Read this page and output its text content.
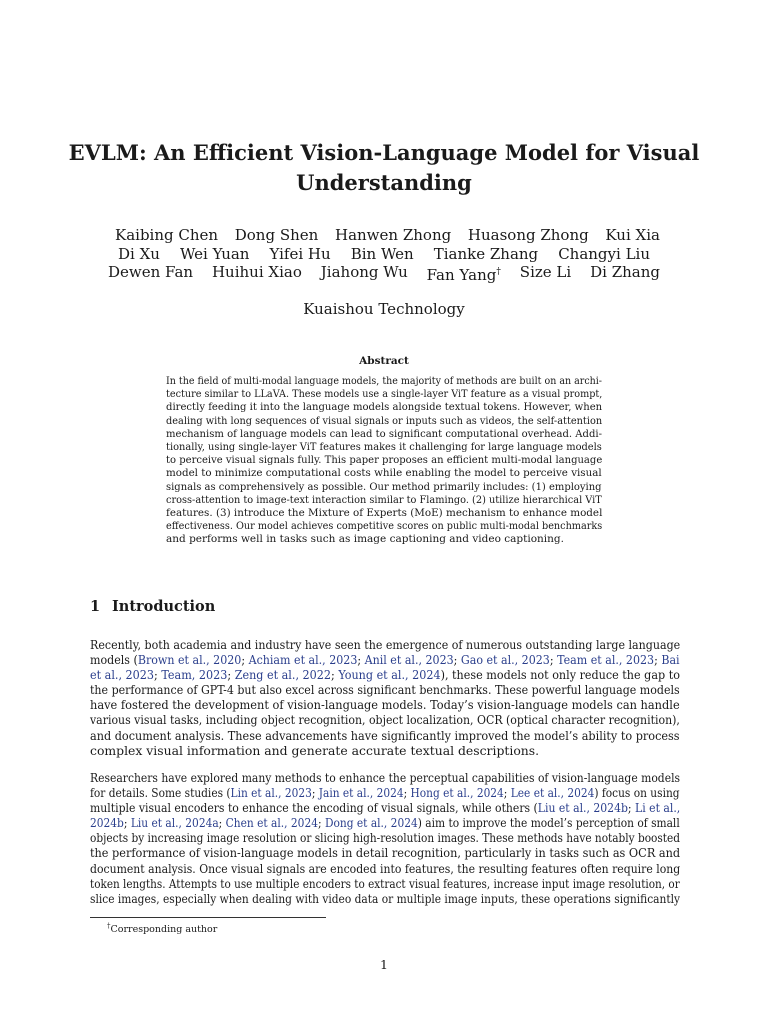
EVLM: An Efficient Vision-Language Model for Visual
Understanding
Kaibing Chen Dong Shen Hanwen Zhong Huasong Zhong Kui Xia
Di Xu Wei Yuan Yifei Hu Bin Wen Tianke Zhang Changyi Liu
Dewen Fan Huihui Xiao Jiahong Wu Fan Yang† Size Li Di Zhang
Kuaishou Technology
Abstract
In the field of multi-modal language models, the majority of methods are built on an archi-
tecture similar to LLaVA. These models use a single-layer ViT feature as a visual prompt,
directly feeding it into the language models alongside textual tokens. However, when
dealing with long sequences of visual signals or inputs such as videos, the self-attention
mechanism of language models can lead to significant computational overhead. Addi-
tionally, using single-layer ViT features makes it challenging for large language models
to perceive visual signals fully. This paper proposes an efficient multi-modal language
model to minimize computational costs while enabling the model to perceive visual
signals as comprehensively as possible. Our method primarily includes: (1) employing
cross-attention to image-text interaction similar to Flamingo. (2) utilize hierarchical ViT
features. (3) introduce the Mixture of Experts (MoE) mechanism to enhance model
effectiveness. Our model achieves competitive scores on public multi-modal benchmarks
and performs well in tasks such as image captioning and video captioning.
1 Introduction
Recently, both academia and industry have seen the emergence of numerous outstanding large language
models (Brown et al., 2020; Achiam et al., 2023; Anil et al., 2023; Gao et al., 2023; Team et al., 2023; Bai
et al., 2023; Team, 2023; Zeng et al., 2022; Young et al., 2024), these models not only reduce the gap to
the performance of GPT-4 but also excel across significant benchmarks. These powerful language models
have fostered the development of vision-language models. Today’s vision-language models can handle
various visual tasks, including object recognition, object localization, OCR (optical character recognition),
and document analysis. These advancements have significantly improved the model’s ability to process
complex visual information and generate accurate textual descriptions.
Researchers have explored many methods to enhance the perceptual capabilities of vision-language models
for details. Some studies (Lin et al., 2023; Jain et al., 2024; Hong et al., 2024; Lee et al., 2024) focus on using
multiple visual encoders to enhance the encoding of visual signals, while others (Liu et al., 2024b; Li et al.,
2024b; Liu et al., 2024a; Chen et al., 2024; Dong et al., 2024) aim to improve the model’s perception of small
objects by increasing image resolution or slicing high-resolution images. These methods have notably boosted
the performance of vision-language models in detail recognition, particularly in tasks such as OCR and
document analysis. Once visual signals are encoded into features, the resulting features often require long
token lengths. Attempts to use multiple encoders to extract visual features, increase input image resolution, or
slice images, especially when dealing with video data or multiple image inputs, these operations significantly
†Corresponding author
1
